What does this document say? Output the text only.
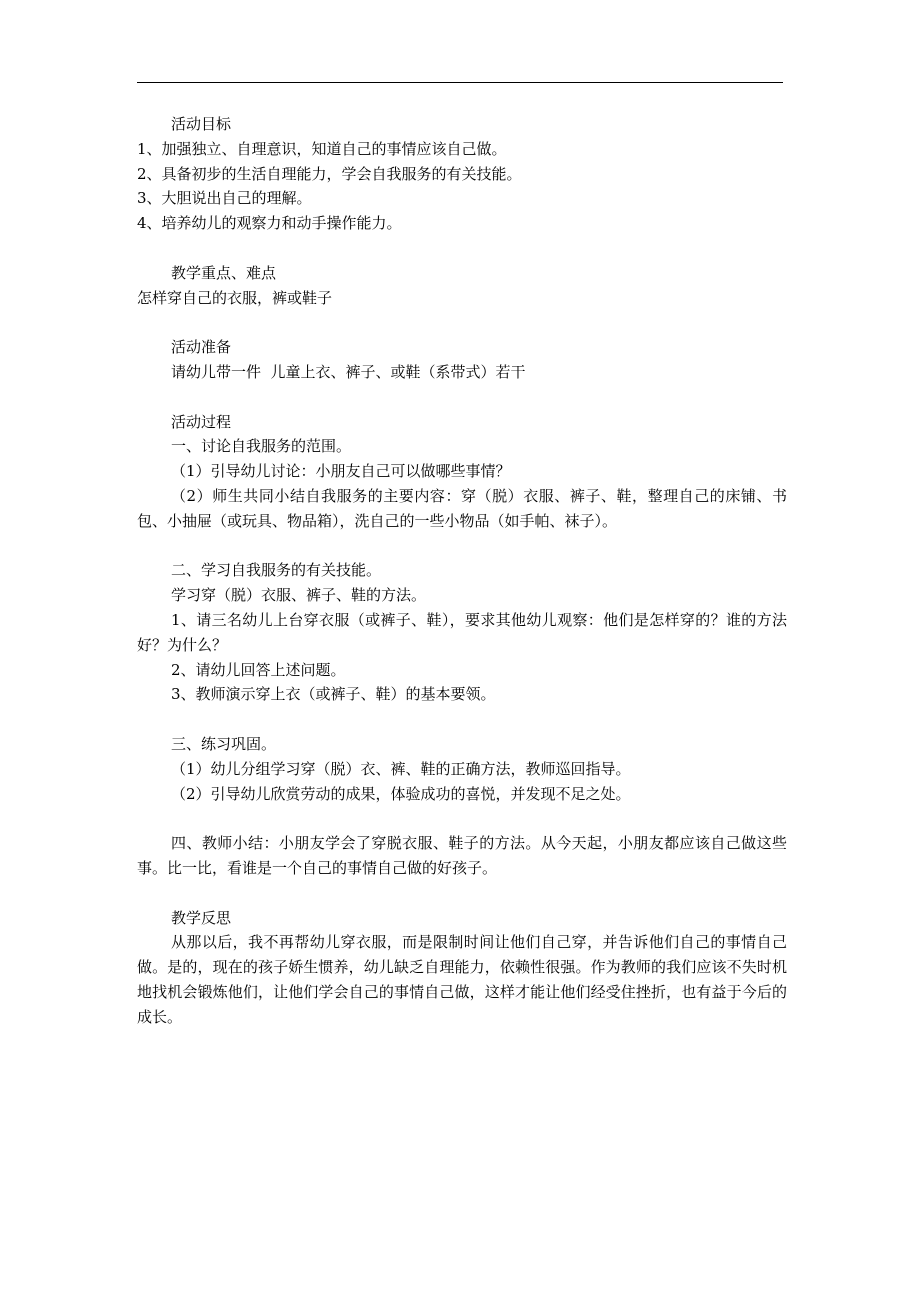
活动目标
1、加强独立、自理意识，知道自己的事情应该自己做。
2、具备初步的生活自理能力，学会自我服务的有关技能。
3、大胆说出自己的理解。
4、培养幼儿的观察力和动手操作能力。
教学重点、难点
怎样穿自己的衣服，裤或鞋子
活动准备
请幼儿带一件  儿童上衣、裤子、或鞋（系带式）若干
活动过程
一、讨论自我服务的范围。
（1）引导幼儿讨论：小朋友自己可以做哪些事情？
（2）师生共同小结自我服务的主要内容：穿（脱）衣服、裤子、鞋，整理自己的床铺、书包、小抽屉（或玩具、物品箱），洗自己的一些小物品（如手帕、袜子）。
二、学习自我服务的有关技能。
学习穿（脱）衣服、裤子、鞋的方法。
1、请三名幼儿上台穿衣服（或裤子、鞋），要求其他幼儿观察：他们是怎样穿的？谁的方法好？为什么？
2、请幼儿回答上述问题。
3、教师演示穿上衣（或裤子、鞋）的基本要领。
三、练习巩固。
（1）幼儿分组学习穿（脱）衣、裤、鞋的正确方法，教师巡回指导。
（2）引导幼儿欣赏劳动的成果，体验成功的喜悦，并发现不足之处。
四、教师小结：小朋友学会了穿脱衣服、鞋子的方法。从今天起，小朋友都应该自己做这些事。比一比，看谁是一个自己的事情自己做的好孩子。
教学反思
从那以后，我不再帮幼儿穿衣服，而是限制时间让他们自己穿，并告诉他们自己的事情自己做。是的，现在的孩子娇生惯养，幼儿缺乏自理能力，依赖性很强。作为教师的我们应该不失时机地找机会锻炼他们，让他们学会自己的事情自己做，这样才能让他们经受住挫折，也有益于今后的成长。
